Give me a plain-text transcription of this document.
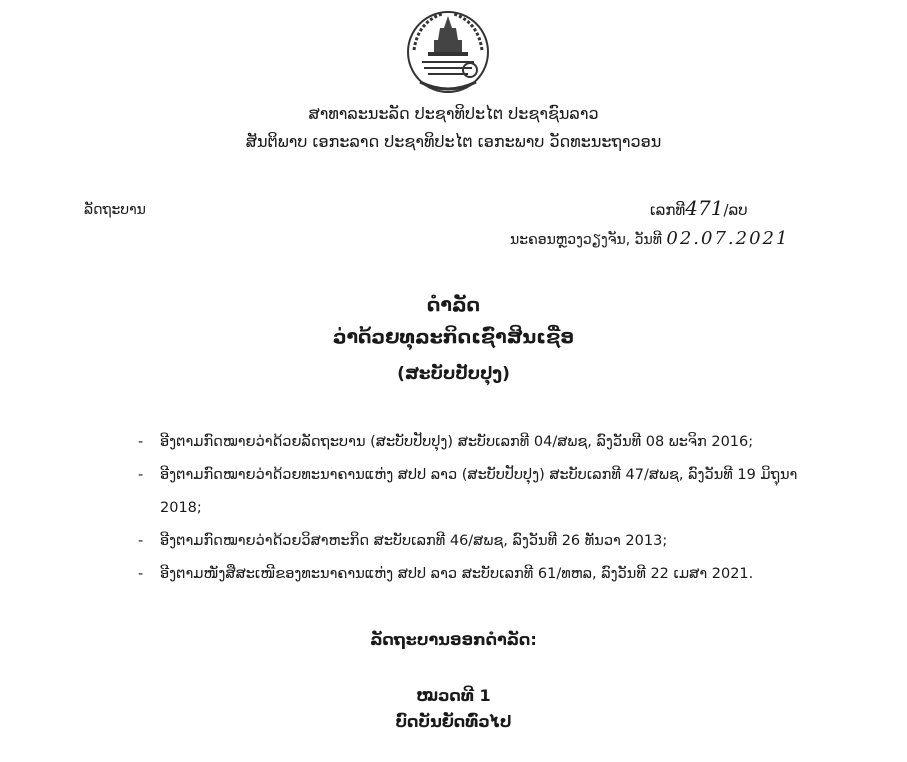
ສາທາລະນະລັດ ປະຊາທິປະໄຕ ປະຊາຊົນລາວ
ສັນຕິພາບ ເອກະລາດ ປະຊາທິປະໄຕ ເອກະພາບ ວັດທະນະຖາວອນ
ລັດຖະບານ	ເລກທີ471/ລບ
ນະຄອນຫຼວງວຽງຈັນ, ວັນທີ 02.07.2021
ດຳລັດ
ວ່າດ້ວຍທຸລະກິດເຊົ່າສິນເຊື່ອ
(ສະບັບປັບປຸງ)
- ອີງຕາມກົດໝາຍວ່າດ້ວຍລັດຖະບານ (ສະບັບປັບປຸງ) ສະບັບເລກທີ 04/ສພຊ, ລົງວັນທີ 08 ພະຈິກ 2016;
- ອີງຕາມກົດໝາຍວ່າດ້ວຍທະນາຄານແຫ່ງ ສປປ ລາວ (ສະບັບປັບປຸງ) ສະບັບເລກທີ 47/ສພຊ, ລົງວັນທີ 19 ມິຖຸນາ 2018;
- ອີງຕາມກົດໝາຍວ່າດ້ວຍວິສາຫະກິດ ສະບັບເລກທີ 46/ສພຊ, ລົງວັນທີ 26 ທັນວາ 2013;
- ອີງຕາມໜັງສືສະເໜີຂອງທະນາຄານແຫ່ງ ສປປ ລາວ ສະບັບເລກທີ 61/ທຫລ, ລົງວັນທີ 22 ເມສາ 2021.
ລັດຖະບານອອກດຳລັດ:
ໝວດທີ 1
ບົດບັນຍັດທົ່ວໄປ
